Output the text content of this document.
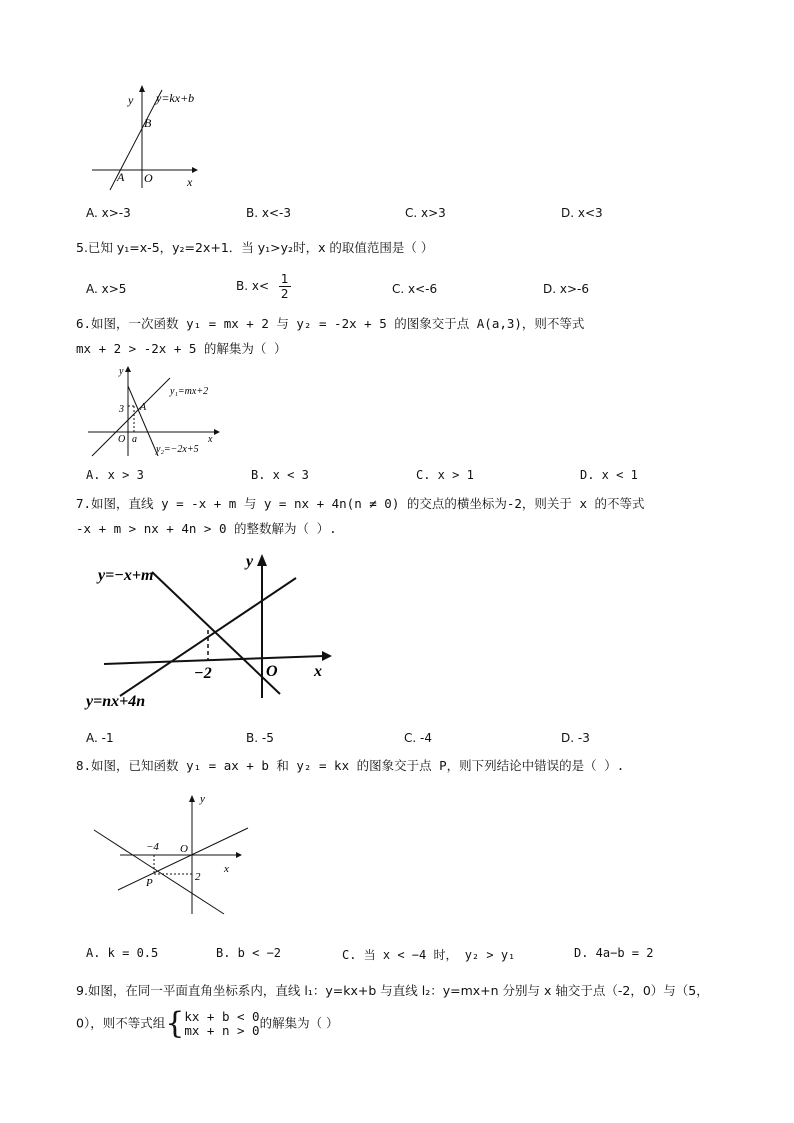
y y=kx+b
B
A O	x
A. x>-3	B. x<-3	C. x>3	D. x<3
5.已知 y₁=x-5，y₂=2x+1．当 y₁>y₂时，x 的取值范围是（ ）
A. x>5	B. $x< \frac{1}{2}$	C. x<-6	D. x>-6
6.如图，一次函数 y₁ = mx + 2 与 y₂ = -2x + 5 的图象交于点 A(a,3)，则不等式
mx + 2 > -2x + 5 的解集为（ ）
y
y₁=mx+2
A
3
O a	x
y₂=−2x+5
A. x > 3	B. x < 3	C. x > 1	D. x < 1
7.如图，直线 y = -x + m 与 y = nx + 4n(n ≠ 0) 的交点的横坐标为-2，则关于 x 的不等式
-x + m > nx + 4n > 0 的整数解为（ ）.
y=−x+m
y
−2	O x
y=nx+4n
A. -1	B. -5	C. -4	D. -3
8.如图，已知函数 y₁ = ax + b 和 y₂ = kx 的图象交于点 P，则下列结论中错误的是（ ）.
y
−4 O
x
P	2
A. k = 0.5	B. b < −2	C. 当 x < −4 时， y₂ > y₁	D. 4a−b = 2
9.如图，在同一平面直角坐标系内，直线 l₁：y=kx+b 与直线 l₂：y=mx+n 分别与 x 轴交于点（-2，0）与（5，
0），则不等式组{ kx + b < 0
mx + n > 0 的解集为（ ）
